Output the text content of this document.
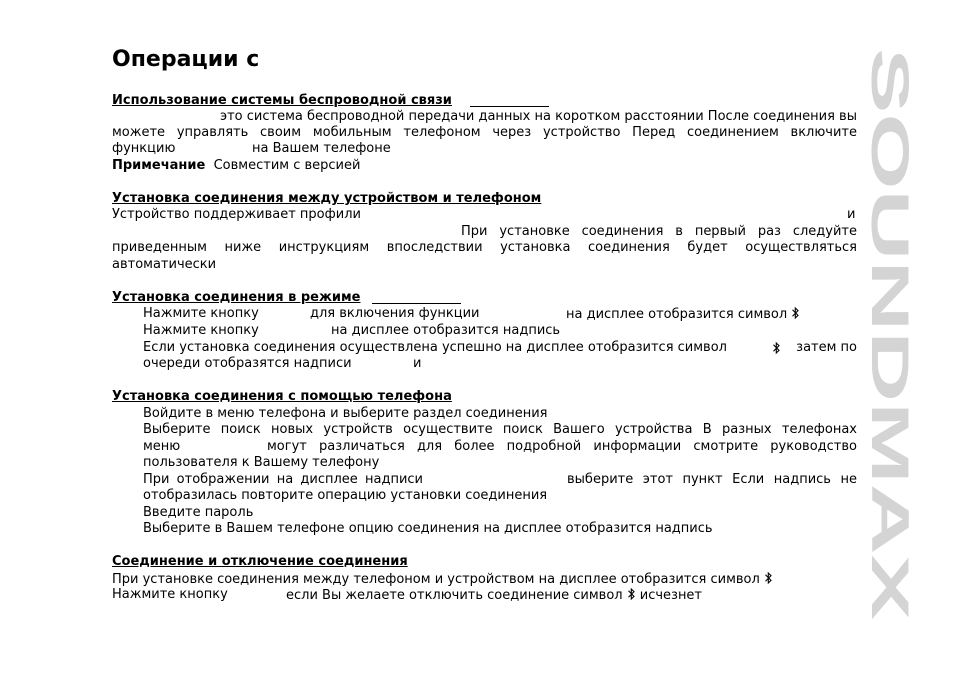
Операции с	SOUNDMAX

Использование системы беспроводной связи

это система беспроводной передачи данных на коротком расстоянии После соединения вы

можете управлять своим мобильным телефоном через устройство Перед соединением включите

функцию	на Вашем телефоне

Примечание Совместим с версией

Установка соединения между устройством и телефоном

Устройство поддерживает профили	и

При установке соединения в первый раз следуйте

приведенным ниже инструкциям впоследствии установка соединения будет осуществляться

автоматически

Установка соединения в режиме

Нажмите кнопку	для включения функции	на дисплее отобразится символ

Нажмите кнопку	на дисплее отобразится надпись

Если установка соединения осуществлена успешно на дисплее отобразится символ	затем по

очереди отобразятся надписи	и

Установка соединения с помощью телефона

Войдите в меню телефона и выберите раздел соединения

Выберите поиск новых устройств осуществите поиск Вашего устройства В разных телефонах

меню	могут различаться для более подробной информации смотрите руководство

пользователя к Вашему телефону

При отображении на дисплее надписи	выберите этот пункт Если надпись не

отобразилась повторите операцию установки соединения

Введите пароль

Выберите в Вашем телефоне опцию соединения на дисплее отобразится надпись

Соединение и отключение соединения

При установке соединения между телефоном и устройством на дисплее отобразится символ

Нажмите кнопку	если Вы желаете отключить соединение символ исчезнет
